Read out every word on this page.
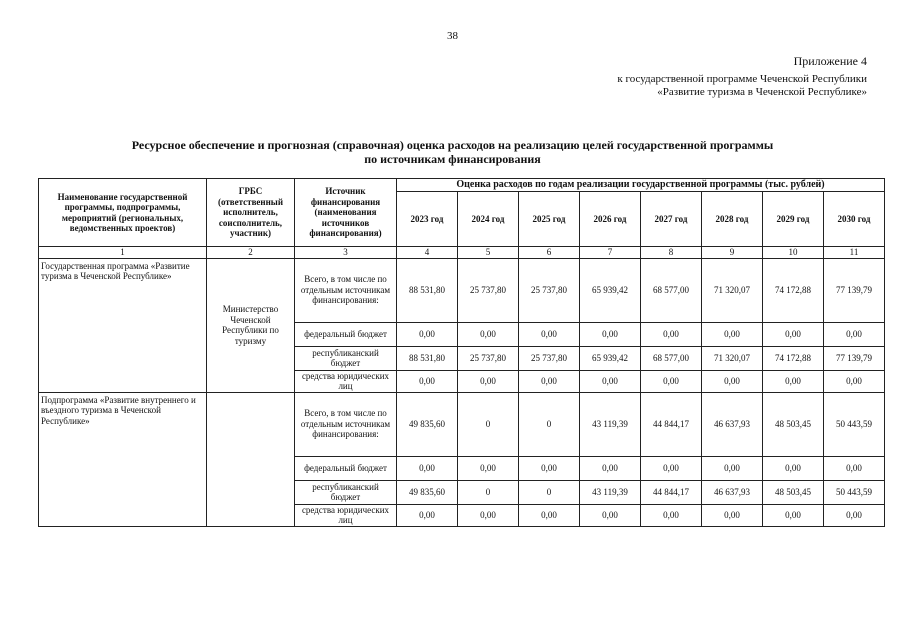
38
Приложение 4
к государственной программе Чеченской Республики
«Развитие туризма в Чеченской Республике»
Ресурсное обеспечение и прогнозная (справочная) оценка расходов на реализацию целей государственной программы
по источникам финансирования
Наименование государственной программы, подпрограммы, мероприятий (региональных, ведомственных проектов)	ГРБС (ответственный исполнитель, соисполнитель, участник)	Источник финансирования (наименования источников финансирования)	Оценка расходов по годам реализации государственной программы (тыс. рублей)							
			2023 год	2024 год	2025 год	2026 год	2027 год	2028 год	2029 год	2030 год
1	2	3	4	5	6	7	8	9	10	11
Государственная программа «Развитие туризма в Чеченской Республике»	Министерство Чеченской Республики по туризму	Всего, в том числе по отдельным источникам финансирования:	88 531,80	25 737,80	25 737,80	65 939,42	68 577,00	71 320,07	74 172,88	77 139,79
		федеральный бюджет	0,00	0,00	0,00	0,00	0,00	0,00	0,00	0,00
		республиканский бюджет	88 531,80	25 737,80	25 737,80	65 939,42	68 577,00	71 320,07	74 172,88	77 139,79
		средства юридических лиц	0,00	0,00	0,00	0,00	0,00	0,00	0,00	0,00
Подпрограмма «Развитие внутреннего и въездного туризма в Чеченской Республике»		Всего, в том числе по отдельным источникам финансирования:	49 835,60	0	0	43 119,39	44 844,17	46 637,93	48 503,45	50 443,59
		федеральный бюджет	0,00	0,00	0,00	0,00	0,00	0,00	0,00	0,00
		республиканский бюджет	49 835,60	0	0	43 119,39	44 844,17	46 637,93	48 503,45	50 443,59
		средства юридических лиц	0,00	0,00	0,00	0,00	0,00	0,00	0,00	0,00
